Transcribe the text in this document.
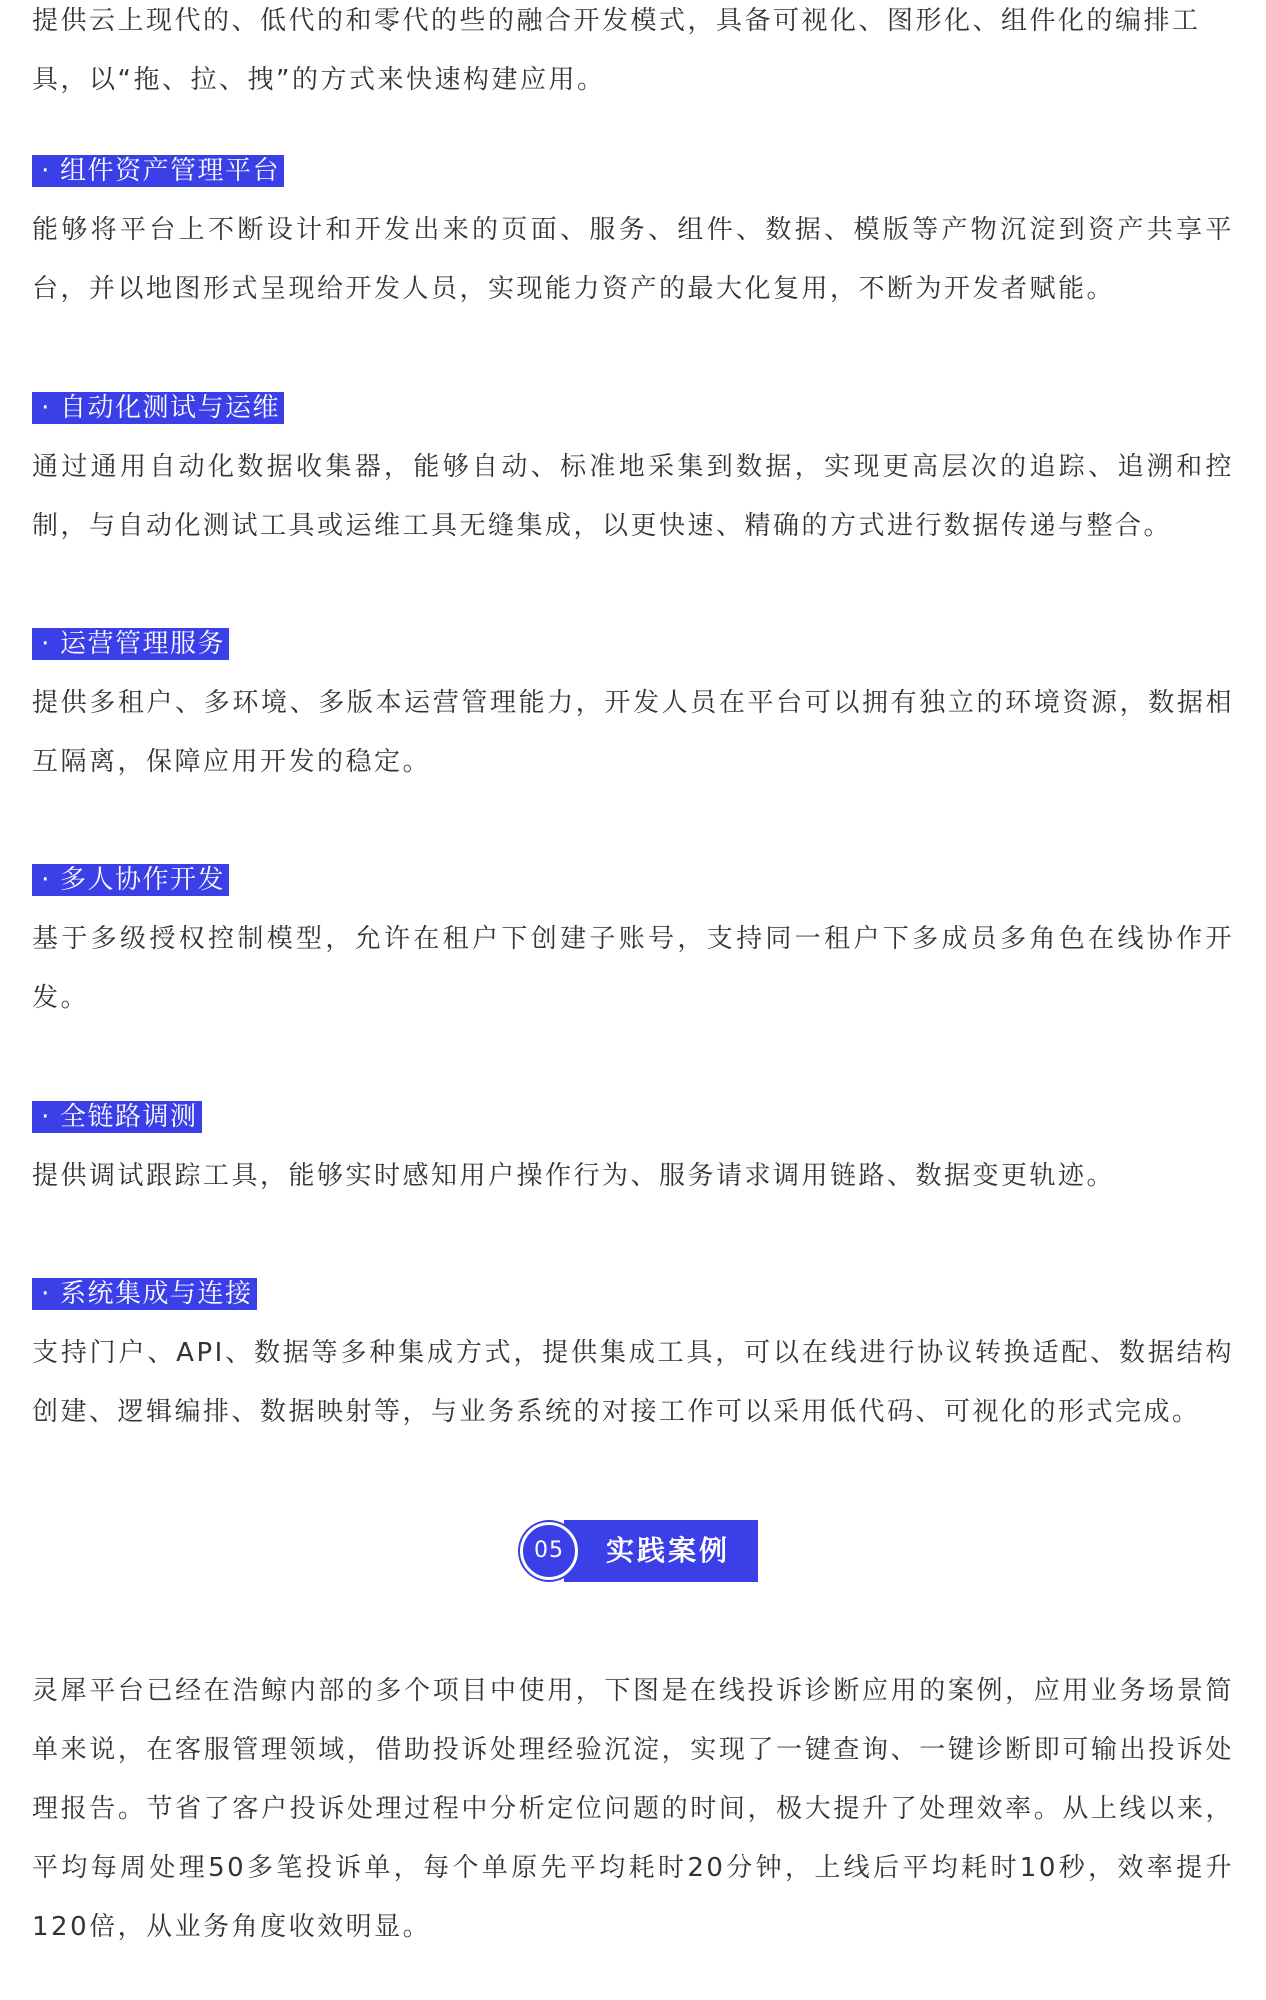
提供云上现代的、低代的和零代的些的融合开发模式，具备可视化、图形化、组件化的编排工
具，以“拖、拉、拽”的方式来快速构建应用。

· 组件资产管理平台

能够将平台上不断设计和开发出来的页面、服务、组件、数据、模版等产物沉淀到资产共享平台，并以地图形式呈现给开发人员，实现能力资产的最大化复用，不断为开发者赋能。

· 自动化测试与运维

通过通用自动化数据收集器，能够自动、标准地采集到数据，实现更高层次的追踪、追溯和控制，与自动化测试工具或运维工具无缝集成，以更快速、精确的方式进行数据传递与整合。

· 运营管理服务

提供多租户、多环境、多版本运营管理能力，开发人员在平台可以拥有独立的环境资源，数据相互隔离，保障应用开发的稳定。

· 多人协作开发

基于多级授权控制模型，允许在租户下创建子账号，支持同一租户下多成员多角色在线协作开发。

· 全链路调测

提供调试跟踪工具，能够实时感知用户操作行为、服务请求调用链路、数据变更轨迹。

· 系统集成与连接

支持门户、API、数据等多种集成方式，提供集成工具，可以在线进行协议转换适配、数据结构创建、逻辑编排、数据映射等，与业务系统的对接工作可以采用低代码、可视化的形式完成。

05	实践案例

灵犀平台已经在浩鲸内部的多个项目中使用，下图是在线投诉诊断应用的案例，应用业务场景简单来说，在客服管理领域，借助投诉处理经验沉淀，实现了一键查询、一键诊断即可输出投诉处理报告。节省了客户投诉处理过程中分析定位问题的时间，极大提升了处理效率。从上线以来，平均每周处理50多笔投诉单，每个单原先平均耗时20分钟，上线后平均耗时10秒，效率提升120倍，从业务角度收效明显。
